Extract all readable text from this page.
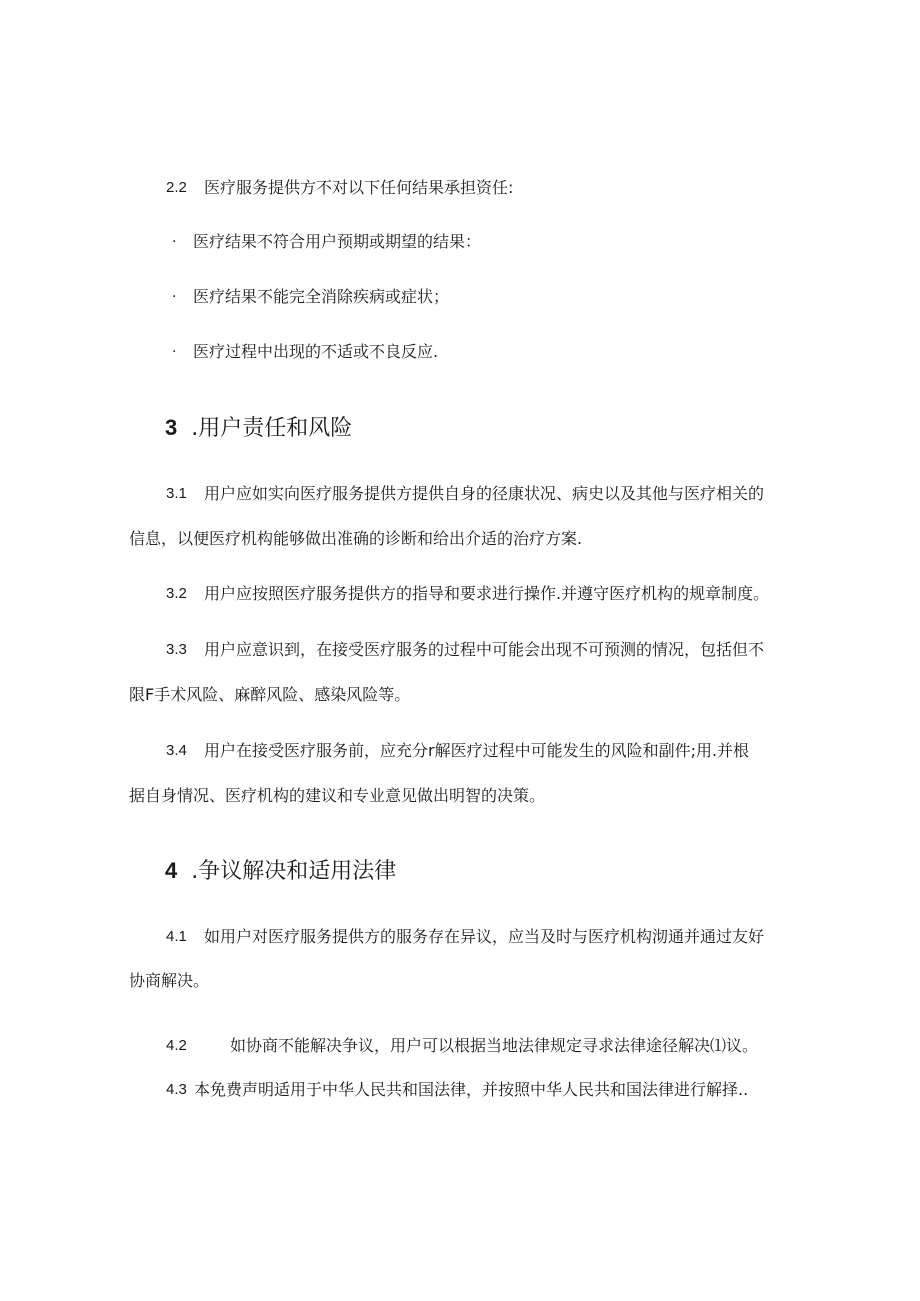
2.2 医疗服务提供方不对以下任何结果承担资任:
· 医疗结果不符合用户预期或期望的结果：
· 医疗结果不能完全消除疾病或症状；
· 医疗过程中出现的不适或不良反应.
3 .用户责任和风险
3.1 用户应如实向医疗服务提供方提供自身的径康状况、病史以及其他与医疗相关的
信息，以便医疗机构能够做出准确的诊断和给出介适的治疗方案.
3.2 用户应按照医疗服务提供方的指导和要求进行操作.并遵守医疗机构的规章制度。
3.3 用户应意识到，在接受医疗服务的过程中可能会出现不可预测的情况，包括但不
限F手术风险、麻醉风险、感染风险等。
3.4 用户在接受医疗服务前，应充分r解医疗过程中可能发生的风险和副件;用.并根
据自身情况、医疗机构的建议和专业意见做出明智的决策。
4 .争议解决和适用法律
4.1 如用户对医疗服务提供方的服务存在异议，应当及时与医疗机构沏通并通过友好
协商解决。
4.2	如协商不能解决争议，用户可以根据当地法律规定寻求法律途径解决⑴议。
4.3 本免费声明适用于中华人民共和国法律，并按照中华人民共和国法律进行解择..
